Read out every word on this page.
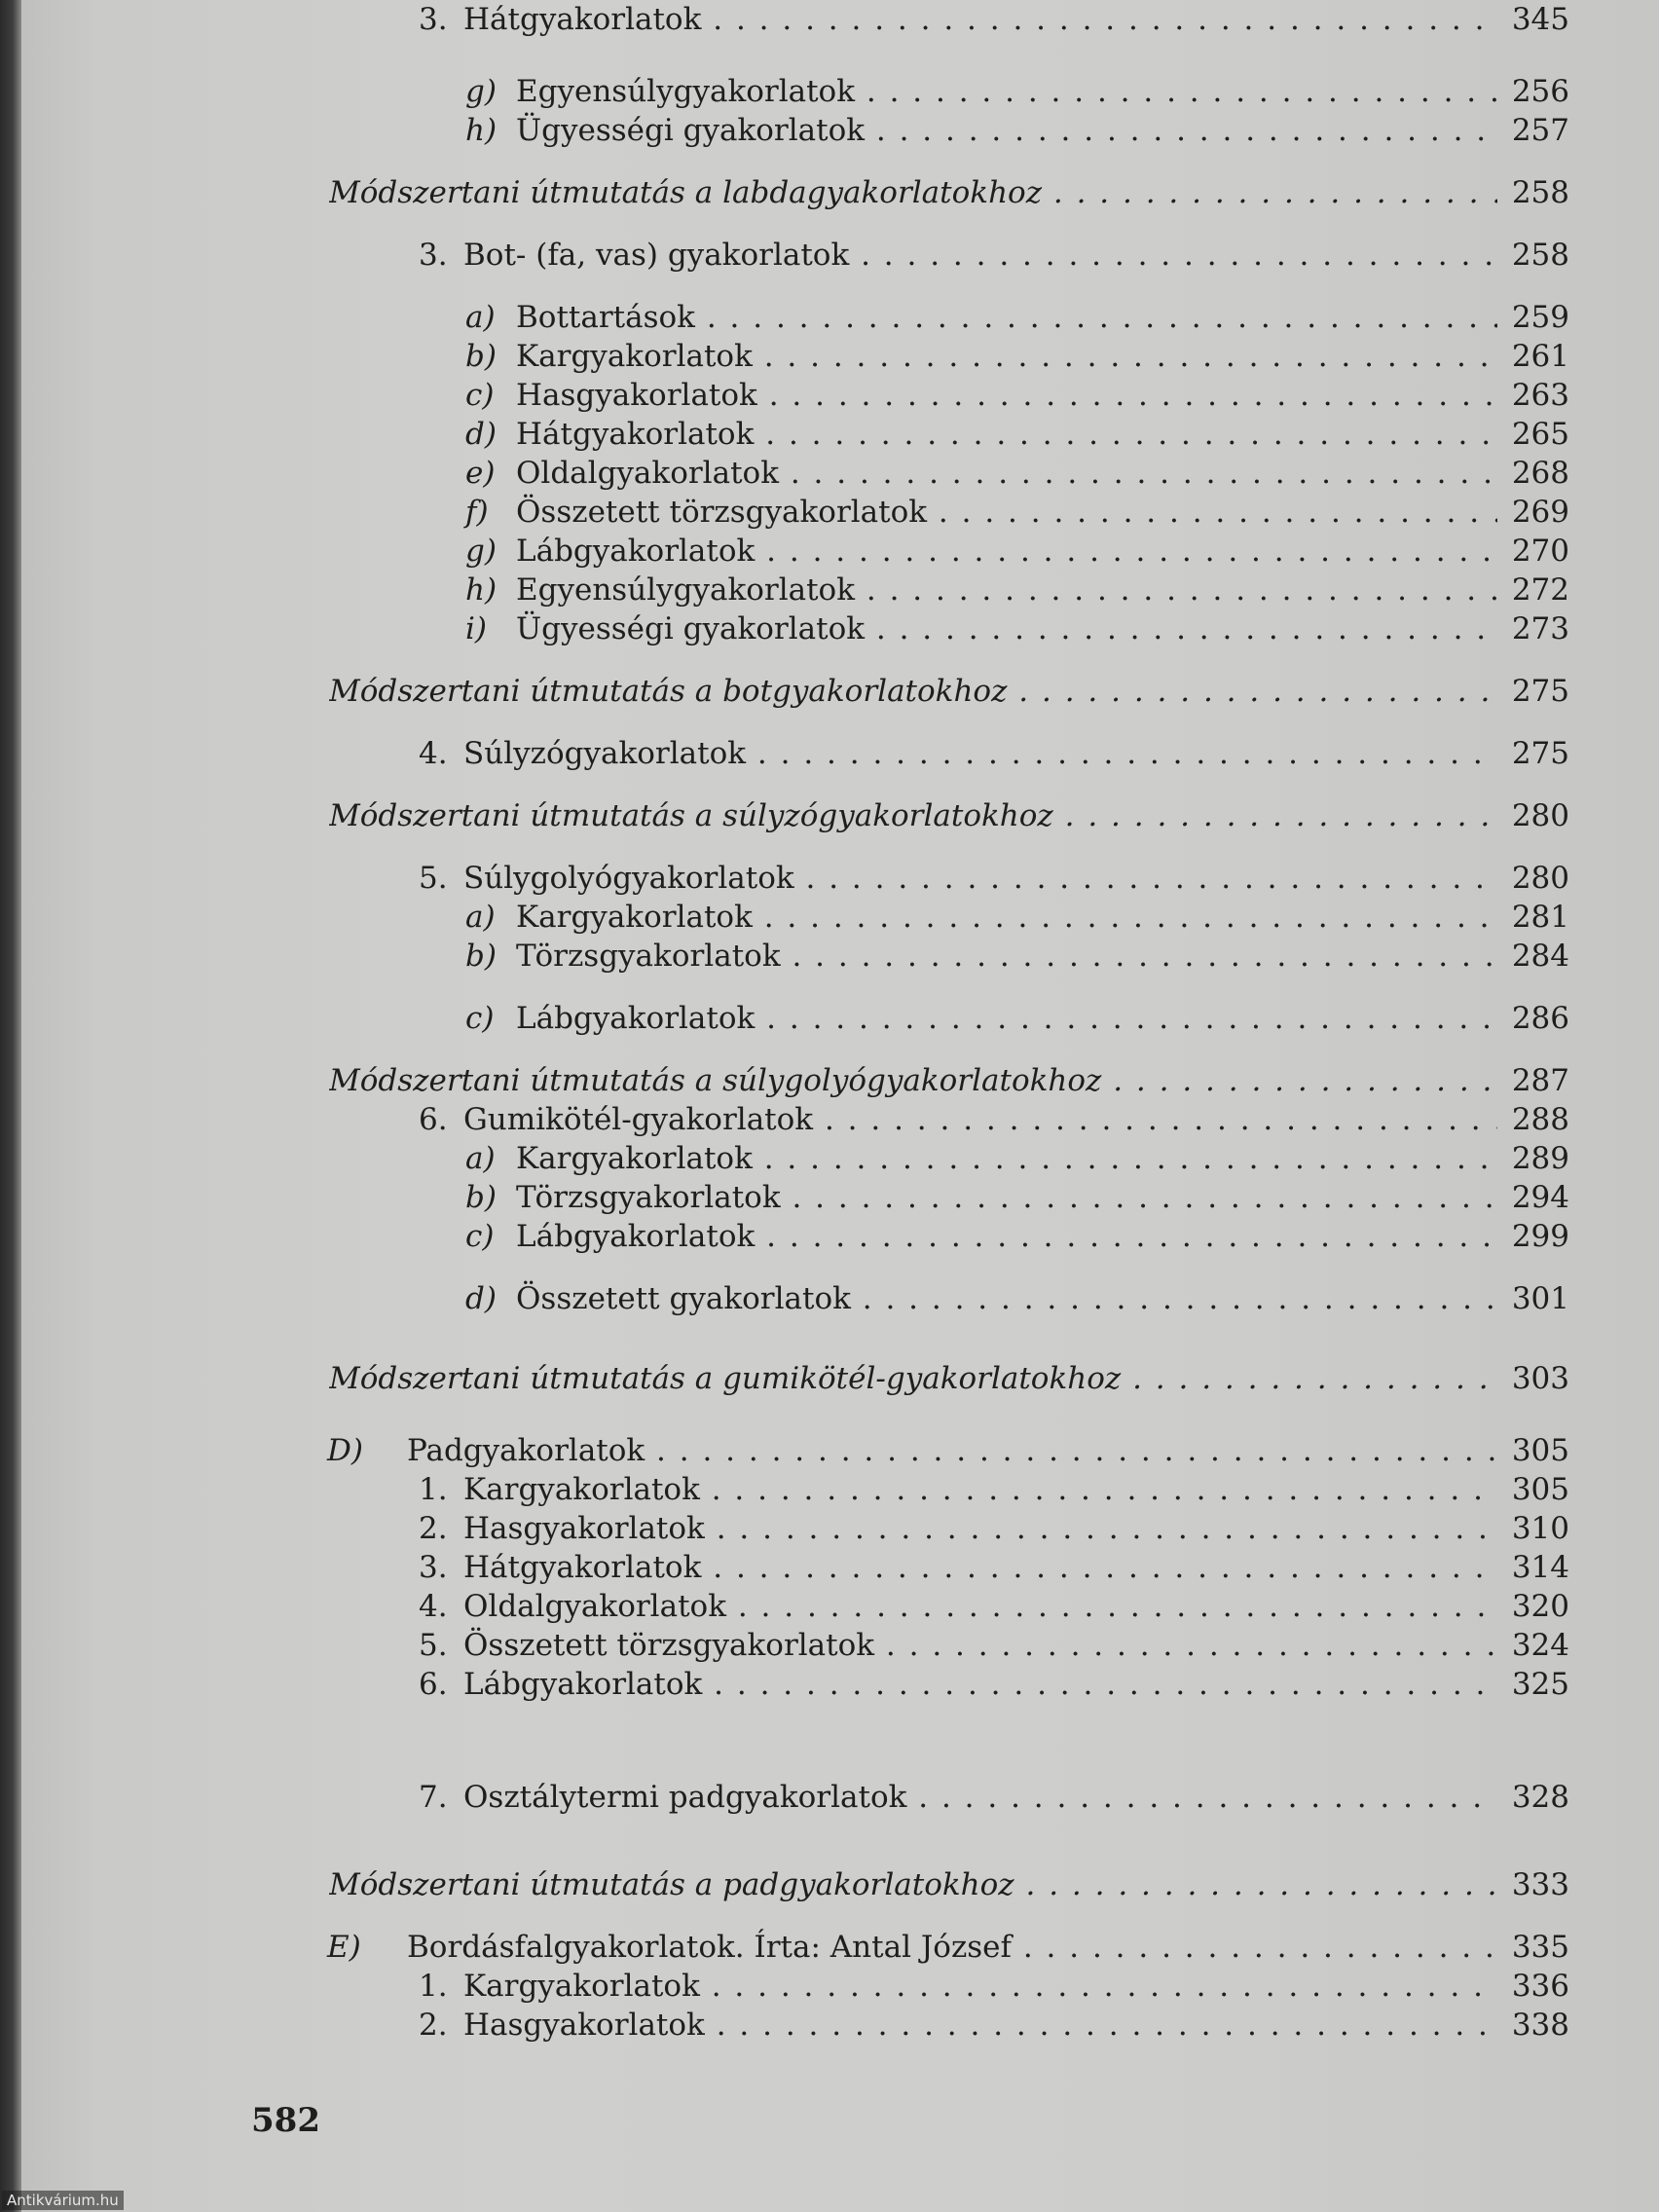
g) Egyensúlygyakorlatok . . .	256
h) Ügyességi gyakorlatok . . .	257
Módszertani útmutatás a labdagyakorlatokhoz . . .	258
3. Bot- (fa, vas) gyakorlatok . . .	258
a) Bottartások . . .	259
b) Kargyakorlatok . . .	261
c) Hasgyakorlatok . . .	263
d) Hátgyakorlatok . . .	265
e) Oldalgyakorlatok . . .	268
f) Összetett törzsgyakorlatok . . .	269
g) Lábgyakorlatok . . .	270
h) Egyensúlygyakorlatok . . .	272
i) Ügyességi gyakorlatok . . .	273
Módszertani útmutatás a botgyakorlatokhoz . . .	275
4. Súlyzógyakorlatok . . .	275
Módszertani útmutatás a súlyzógyakorlatokhoz . . .	280
5. Súlygolyógyakorlatok . . .	280
a) Kargyakorlatok . . .	281
b) Törzsgyakorlatok . . .	284
c) Lábgyakorlatok . . .	286
Módszertani útmutatás a súlygolyógyakorlatokhoz . . .	287
6. Gumikötél-gyakorlatok . . .	288
a) Kargyakorlatok . . .	289
b) Törzsgyakorlatok . . .	294
c) Lábgyakorlatok . . .	299
d) Összetett gyakorlatok . . .	301
Módszertani útmutatás a gumikötél-gyakorlatokhoz . . .	303
D) Padgyakorlatok . . .	305
1. Kargyakorlatok . . .	305
2. Hasgyakorlatok . . .	310
3. Hátgyakorlatok . . .	314
4. Oldalgyakorlatok . . .	320
5. Összetett törzsgyakorlatok . . .	324
6. Lábgyakorlatok . . .	325
7. Osztálytermi padgyakorlatok . . .	328
Módszertani útmutatás a padgyakorlatokhoz . . .	333
E) Bordásfalgyakorlatok. Írta: Antal József . . .	335
1. Kargyakorlatok . . .	336
2. Hasgyakorlatok . . .	338
3. Hátgyakorlatok . . .	345
582
Antikvárium.hu
